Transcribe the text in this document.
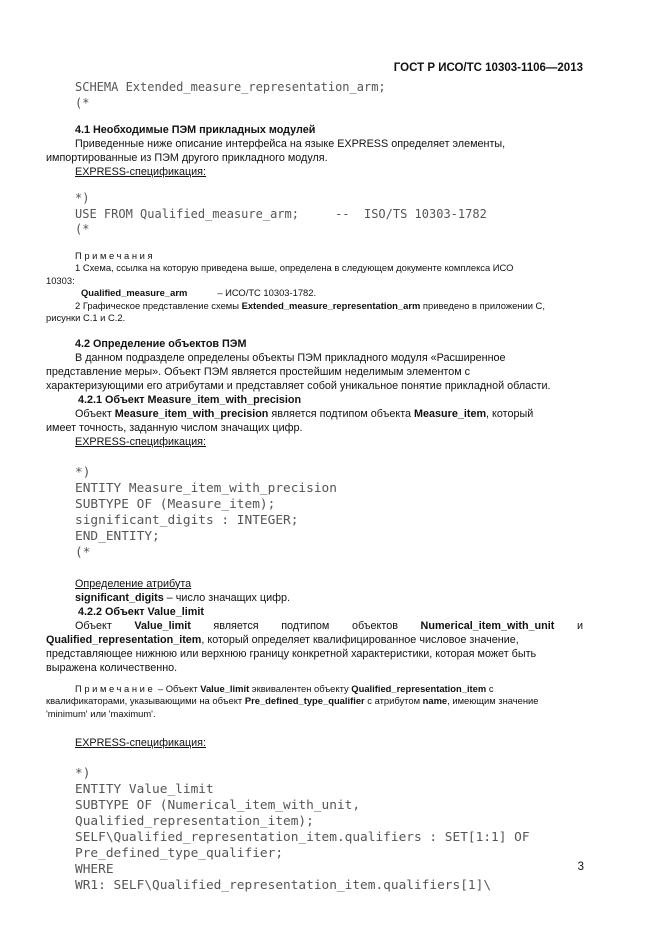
ГОСТ Р ИСО/ТС 10303-1106—2013
SCHEMA Extended_measure_representation_arm;
(*
4.1 Необходимые ПЭМ прикладных модулей

Приведенные ниже описание интерфейса на языке EXPRESS определяет элементы,

импортированные из ПЭМ другого прикладного модуля.

EXPRESS-спецификация:
*)
USE FROM Qualified_measure_arm;     --  ISO/TS 10303-1782
(*
Примечания
1 Схема, ссылка на которую приведена выше, определена в следующем документе комплекса ИСО
10303:
Qualified_measure_arm	– ИСО/ТС 10303-1782.
2 Графическое представление схемы Extended_measure_representation_arm приведено в приложении С,
рисунки С.1 и С.2.
4.2 Определение объектов ПЭМ

В данном подразделе определены объекты ПЭМ прикладного модуля «Расширенное

представление меры». Объект ПЭМ является простейшим неделимым элементом с

характеризующими его атрибутами и представляет собой уникальное понятие прикладной области.

4.2.1 Объект Measure_item_with_precision

Объект Measure_item_with_precision является подтипом объекта Measure_item, который

имеет точность, заданную числом значащих цифр.

EXPRESS-спецификация:
*)
ENTITY Measure_item_with_precision
SUBTYPE OF (Measure_item);
significant_digits : INTEGER;
END_ENTITY;
(*
Определение атрибута
significant_digits – число значащих цифр.
4.2.2 Объект Value_limit
Объект Value_limit является подтипом объектов Numerical_item_with_unit и

Qualified_representation_item, который определяет квалифицированное числовое значение,

представляющее нижнюю или верхнюю границу конкретной характеристики, которая может быть

выражена количественно.

Примечание – Объект Value_limit эквивалентен объекту Qualified_representation_item с
квалификаторами, указывающими на объект Pre_defined_type_qualifier с атрибутом name, имеющим значение
'minimum' или 'maximum'.
EXPRESS-спецификация:
*)
ENTITY Value_limit
SUBTYPE OF (Numerical_item_with_unit,
Qualified_representation_item);
SELF\Qualified_representation_item.qualifiers : SET[1:1] OF
Pre_defined_type_qualifier;
WHERE
WR1: SELF\Qualified_representation_item.qualifiers[1]\
3
